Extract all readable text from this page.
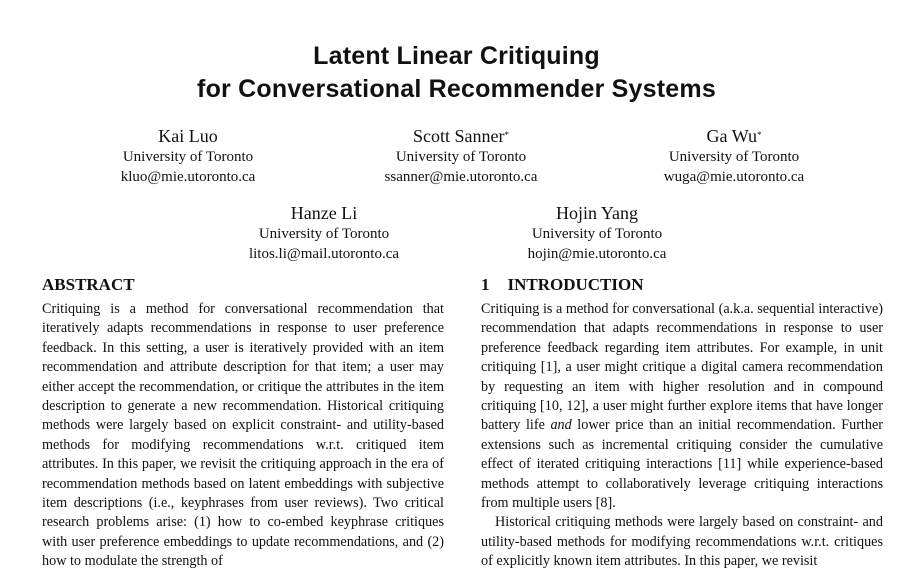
Latent Linear Critiquing
for Conversational Recommender Systems
Kai Luo
University of Toronto
kluo@mie.utoronto.ca
Scott Sanner*
University of Toronto
ssanner@mie.utoronto.ca
Ga Wu*
University of Toronto
wuga@mie.utoronto.ca
Hanze Li
University of Toronto
litos.li@mail.utoronto.ca
Hojin Yang
University of Toronto
hojin@mie.utoronto.ca
ABSTRACT

Critiquing is a method for conversational recommendation that iteratively adapts recommendations in response to user preference feedback. In this setting, a user is iteratively provided with an item recommendation and attribute description for that item; a user may either accept the recommendation, or critique the attributes in the item description to generate a new recommendation. Historical critiquing methods were largely based on explicit constraint- and utility-based methods for modifying recommendations w.r.t. critiqued item attributes. In this paper, we revisit the critiquing approach in the era of recommendation methods based on latent embeddings with subjective item descriptions (i.e., keyphrases from user reviews). Two critical research problems arise: (1) how to co-embed keyphrase critiques with user preference embeddings to update recommendations, and (2) how to modulate the strength of

1 INTRODUCTION

Critiquing is a method for conversational (a.k.a. sequential interactive) recommendation that adapts recommendations in response to user preference feedback regarding item attributes. For example, in unit critiquing [1], a user might critique a digital camera recommendation by requesting an item with higher resolution and in compound critiquing [10, 12], a user might further explore items that have longer battery life and lower price than an initial recommendation. Further extensions such as incremental critiquing consider the cumulative effect of iterated critiquing interactions [11] while experience-based methods attempt to collaboratively leverage critiquing interactions from multiple users [8].

Historical critiquing methods were largely based on constraint- and utility-based methods for modifying recommendations w.r.t. critiques of explicitly known item attributes. In this paper, we revisit
